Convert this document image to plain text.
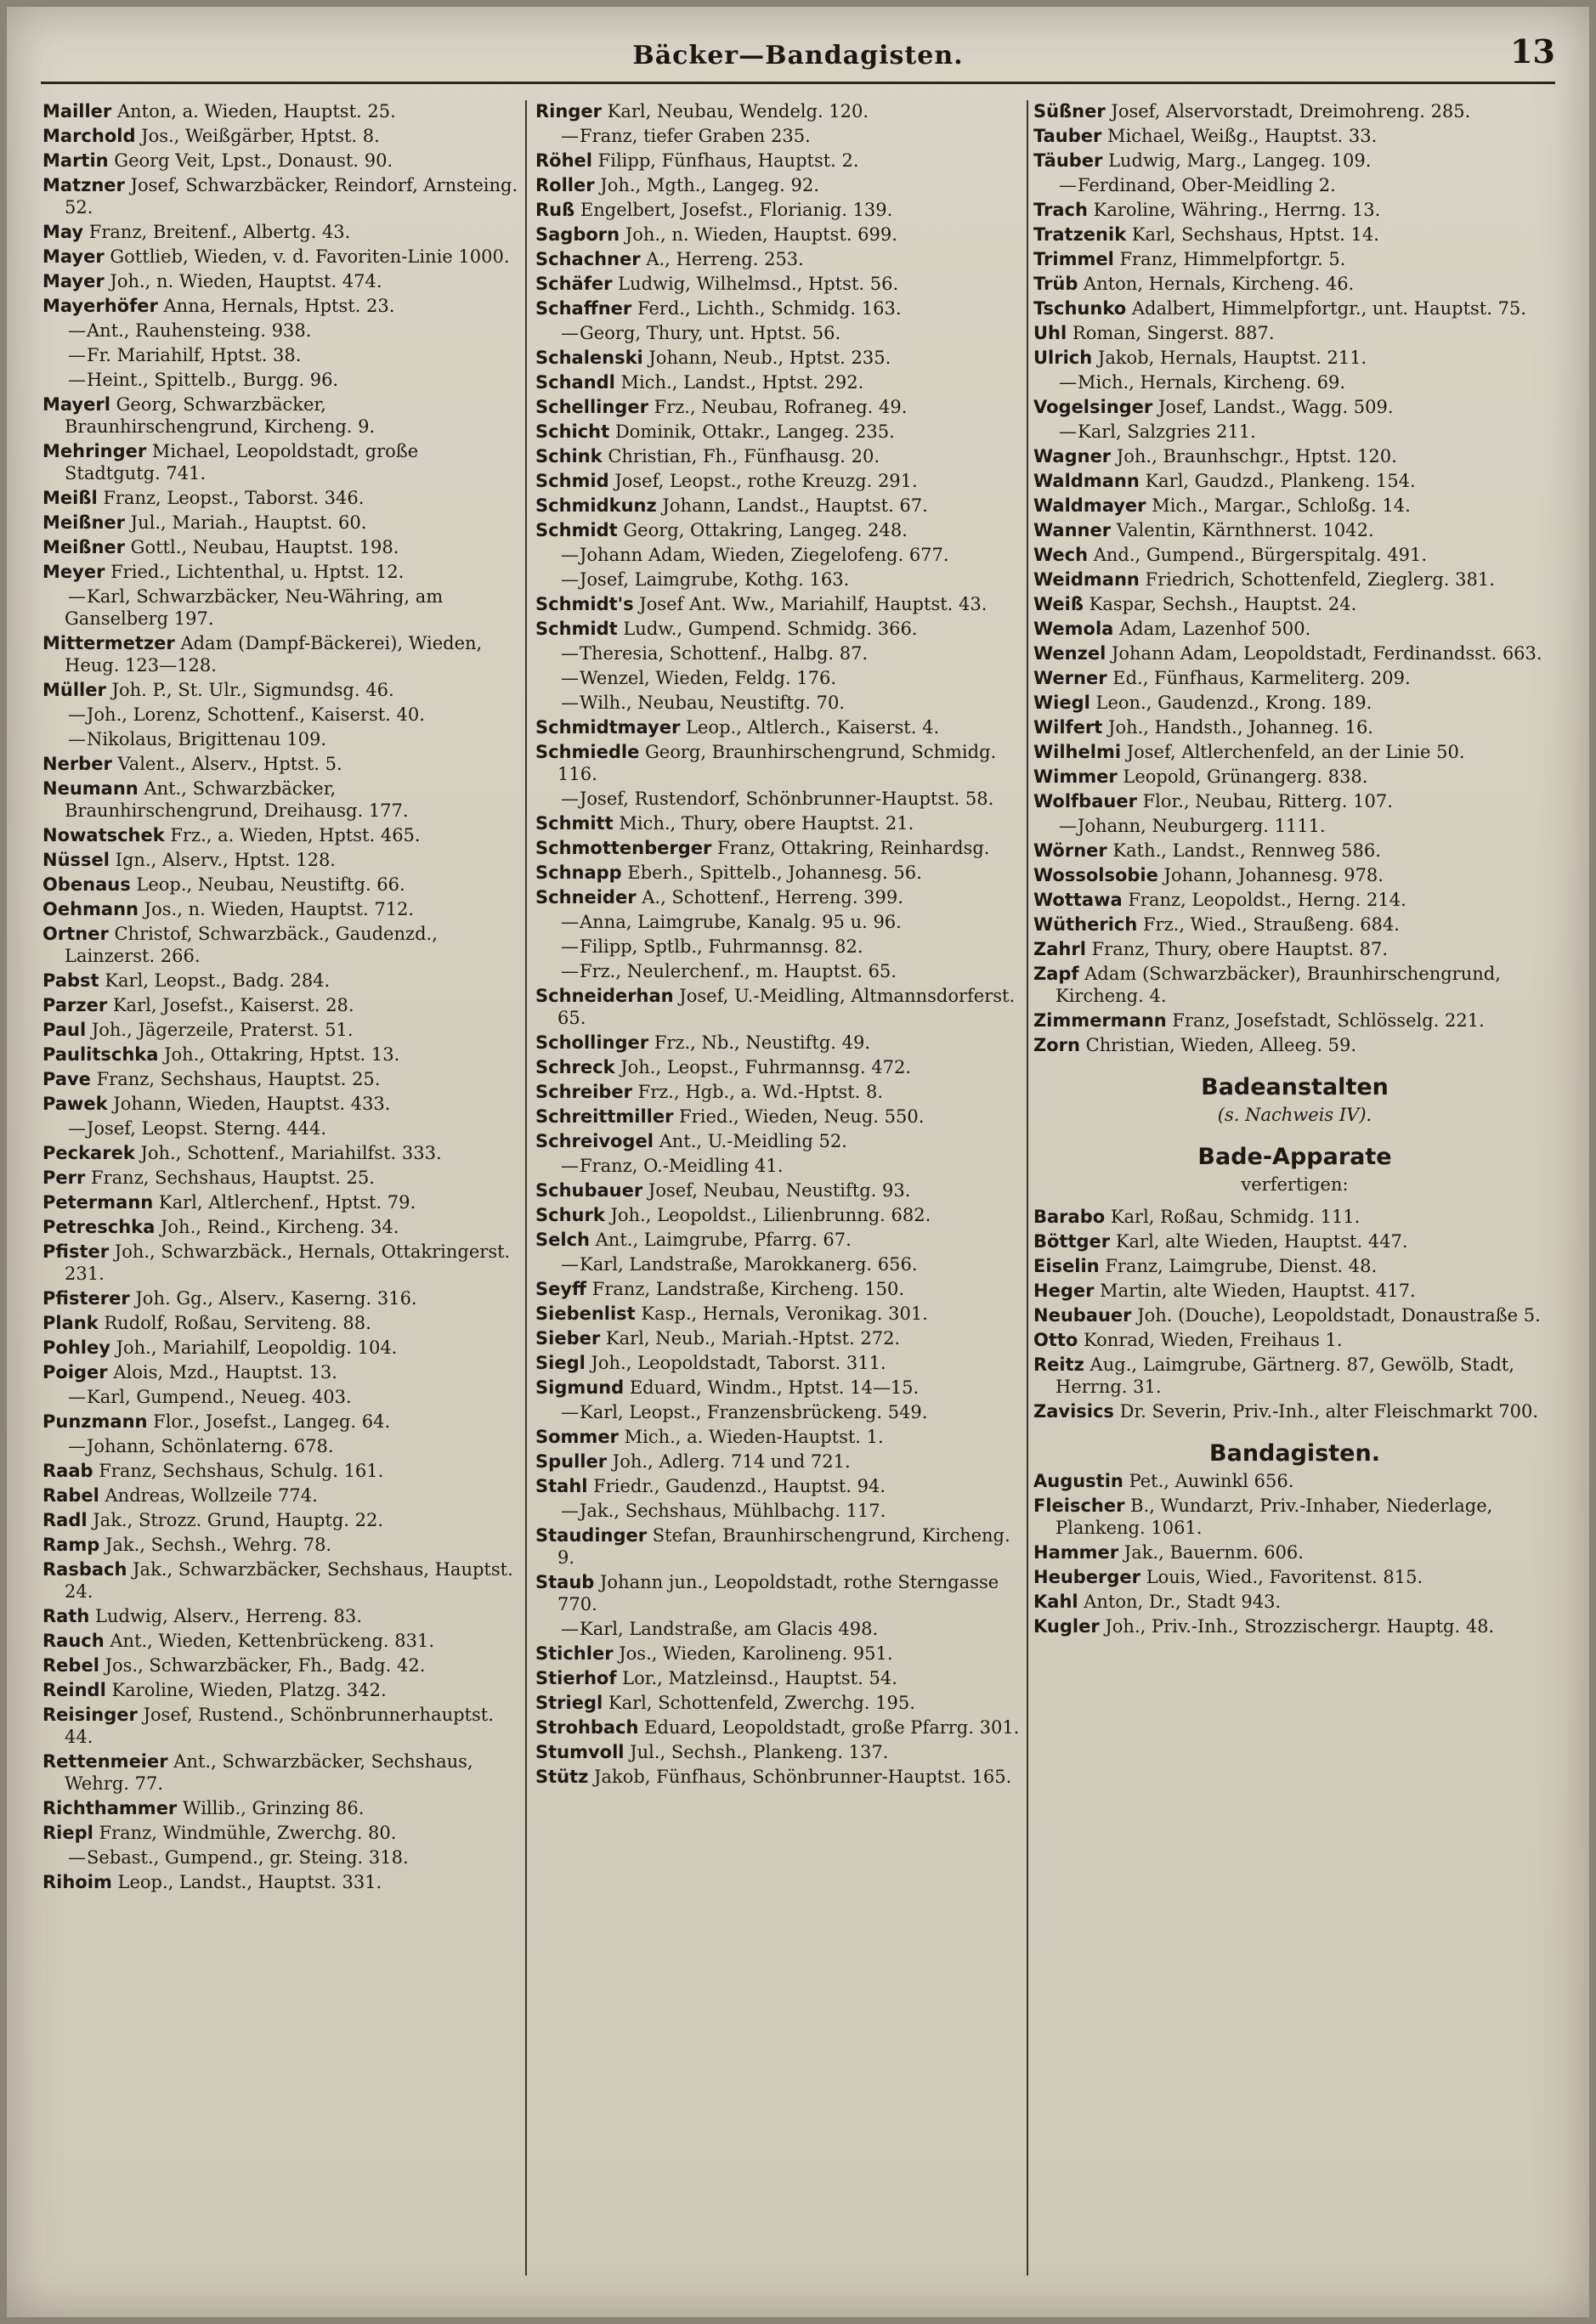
13
Bäcker—Bandagisten.
Mailler Anton, a. Wieden, Hauptst. 25.
Marchold Jos., Weißgärber, Hptst. 8.
Martin Georg Veit, Lpst., Donaust. 90.
Matzner Josef, Schwarzbäcker, Reindorf, Arnsteing. 52.
May Franz, Breitenf., Albertg. 43.
Mayer Gottlieb, Wieden, v. d. Favoriten-Linie 1000.
Mayer Joh., n. Wieden, Hauptst. 474.
Mayerhöfer Anna, Hernals, Hptst. 23.
—Ant., Rauhensteing. 938.
—Fr. Mariahilf, Hptst. 38.
—Heint., Spittelb., Burgg. 96.
Mayerl Georg, Schwarzbäcker, Braunhirschengrund, Kircheng. 9.
Mehringer Michael, Leopoldstadt, große Stadtgutg. 741.
Meißl Franz, Leopst., Taborst. 346.
Meißner Jul., Mariah., Hauptst. 60.
Meißner Gottl., Neubau, Hauptst. 198.
Meyer Fried., Lichtenthal, u. Hptst. 12.
—Karl, Schwarzbäcker, Neu-Währing, am Ganselberg 197.
Mittermetzer Adam (Dampf-Bäckerei), Wieden, Heug. 123—128.
Müller Joh. P., St. Ulr., Sigmundsg. 46.
—Joh., Lorenz, Schottenf., Kaiserst. 40.
—Nikolaus, Brigittenau 109.
Nerber Valent., Alserv., Hptst. 5.
Neumann Ant., Schwarzbäcker, Braunhirschengrund, Dreihausg. 177.
Nowatschek Frz., a. Wieden, Hptst. 465.
Nüssel Ign., Alserv., Hptst. 128.
Obenaus Leop., Neubau, Neustiftg. 66.
Oehmann Jos., n. Wieden, Hauptst. 712.
Ortner Christof, Schwarzbäck., Gaudenzd., Lainzerst. 266.
Pabst Karl, Leopst., Badg. 284.
Parzer Karl, Josefst., Kaiserst. 28.
Paul Joh., Jägerzeile, Praterst. 51.
Paulitschka Joh., Ottakring, Hptst. 13.
Pave Franz, Sechshaus, Hauptst. 25.
Pawek Johann, Wieden, Hauptst. 433.
—Josef, Leopst. Sterng. 444.
Peckarek Joh., Schottenf., Mariahilfst. 333.
Perr Franz, Sechshaus, Hauptst. 25.
Petermann Karl, Altlerchenf., Hptst. 79.
Petreschka Joh., Reind., Kircheng. 34.
Pfister Joh., Schwarzbäck., Hernals, Ottakringerst. 231.
Pfisterer Joh. Gg., Alserv., Kaserng. 316.
Plank Rudolf, Roßau, Serviteng. 88.
Pohley Joh., Mariahilf, Leopoldig. 104.
Poiger Alois, Mzd., Hauptst. 13.
—Karl, Gumpend., Neueg. 403.
Punzmann Flor., Josefst., Langeg. 64.
—Johann, Schönlaterng. 678.
Raab Franz, Sechshaus, Schulg. 161.
Rabel Andreas, Wollzeile 774.
Radl Jak., Strozz. Grund, Hauptg. 22.
Ramp Jak., Sechsh., Wehrg. 78.
Rasbach Jak., Schwarzbäcker, Sechshaus, Hauptst. 24.
Rath Ludwig, Alserv., Herreng. 83.
Rauch Ant., Wieden, Kettenbrückeng. 831.
Rebel Jos., Schwarzbäcker, Fh., Badg. 42.
Reindl Karoline, Wieden, Platzg. 342.
Reisinger Josef, Rustend., Schönbrunnerhauptst. 44.
Rettenmeier Ant., Schwarzbäcker, Sechshaus, Wehrg. 77.
Richthammer Willib., Grinzing 86.
Riepl Franz, Windmühle, Zwerchg. 80.
—Sebast., Gumpend., gr. Steing. 318.
Rihoim Leop., Landst., Hauptst. 331.
Ringer Karl, Neubau, Wendelg. 120.
—Franz, tiefer Graben 235.
Röhel Filipp, Fünfhaus, Hauptst. 2.
Roller Joh., Mgth., Langeg. 92.
Ruß Engelbert, Josefst., Florianig. 139.
Sagborn Joh., n. Wieden, Hauptst. 699.
Schachner A., Herreng. 253.
Schäfer Ludwig, Wilhelmsd., Hptst. 56.
Schaffner Ferd., Lichth., Schmidg. 163.
—Georg, Thury, unt. Hptst. 56.
Schalenski Johann, Neub., Hptst. 235.
Schandl Mich., Landst., Hptst. 292.
Schellinger Frz., Neubau, Rofraneg. 49.
Schicht Dominik, Ottakr., Langeg. 235.
Schink Christian, Fh., Fünfhausg. 20.
Schmid Josef, Leopst., rothe Kreuzg. 291.
Schmidkunz Johann, Landst., Hauptst. 67.
Schmidt Georg, Ottakring, Langeg. 248.
—Johann Adam, Wieden, Ziegelofeng. 677.
—Josef, Laimgrube, Kothg. 163.
Schmidt's Josef Ant. Ww., Mariahilf, Hauptst. 43.
Schmidt Ludw., Gumpend. Schmidg. 366.
—Theresia, Schottenf., Halbg. 87.
—Wenzel, Wieden, Feldg. 176.
—Wilh., Neubau, Neustiftg. 70.
Schmidtmayer Leop., Altlerch., Kaiserst. 4.
Schmiedle Georg, Braunhirschengrund, Schmidg. 116.
—Josef, Rustendorf, Schönbrunner-Hauptst. 58.
Schmitt Mich., Thury, obere Hauptst. 21.
Schmottenberger Franz, Ottakring, Reinhardsg.
Schnapp Eberh., Spittelb., Johannesg. 56.
Schneider A., Schottenf., Herreng. 399.
—Anna, Laimgrube, Kanalg. 95 u. 96.
—Filipp, Sptlb., Fuhrmannsg. 82.
—Frz., Neulerchenf., m. Hauptst. 65.
Schneiderhan Josef, U.-Meidling, Altmannsdorferst. 65.
Schollinger Frz., Nb., Neustiftg. 49.
Schreck Joh., Leopst., Fuhrmannsg. 472.
Schreiber Frz., Hgb., a. Wd.-Hptst. 8.
Schreittmiller Fried., Wieden, Neug. 550.
Schreivogel Ant., U.-Meidling 52.
—Franz, O.-Meidling 41.
Schubauer Josef, Neubau, Neustiftg. 93.
Schurk Joh., Leopoldst., Lilienbrunng. 682.
Selch Ant., Laimgrube, Pfarrg. 67.
—Karl, Landstraße, Marokkanerg. 656.
Seyff Franz, Landstraße, Kircheng. 150.
Siebenlist Kasp., Hernals, Veronikag. 301.
Sieber Karl, Neub., Mariah.-Hptst. 272.
Siegl Joh., Leopoldstadt, Taborst. 311.
Sigmund Eduard, Windm., Hptst. 14—15.
—Karl, Leopst., Franzensbrückeng. 549.
Sommer Mich., a. Wieden-Hauptst. 1.
Spuller Joh., Adlerg. 714 und 721.
Stahl Friedr., Gaudenzd., Hauptst. 94.
—Jak., Sechshaus, Mühlbachg. 117.
Staudinger Stefan, Braunhirschengrund, Kircheng. 9.
Staub Johann jun., Leopoldstadt, rothe Sterngasse 770.
—Karl, Landstraße, am Glacis 498.
Stichler Jos., Wieden, Karolineng. 951.
Stierhof Lor., Matzleinsd., Hauptst. 54.
Striegl Karl, Schottenfeld, Zwerchg. 195.
Strohbach Eduard, Leopoldstadt, große Pfarrg. 301.
Stumvoll Jul., Sechsh., Plankeng. 137.
Stütz Jakob, Fünfhaus, Schönbrunner-Hauptst. 165.
Süßner Josef, Alservorstadt, Dreimohreng. 285.
Tauber Michael, Weißg., Hauptst. 33.
Täuber Ludwig, Marg., Langeg. 109.
—Ferdinand, Ober-Meidling 2.
Trach Karoline, Währing., Herrng. 13.
Tratzenik Karl, Sechshaus, Hptst. 14.
Trimmel Franz, Himmelpfortgr. 5.
Trüb Anton, Hernals, Kircheng. 46.
Tschunko Adalbert, Himmelpfortgr., unt. Hauptst. 75.
Uhl Roman, Singerst. 887.
Ulrich Jakob, Hernals, Hauptst. 211.
—Mich., Hernals, Kircheng. 69.
Vogelsinger Josef, Landst., Wagg. 509.
—Karl, Salzgries 211.
Wagner Joh., Braunhschgr., Hptst. 120.
Waldmann Karl, Gaudzd., Plankeng. 154.
Waldmayer Mich., Margar., Schloßg. 14.
Wanner Valentin, Kärnthnerst. 1042.
Wech And., Gumpend., Bürgerspitalg. 491.
Weidmann Friedrich, Schottenfeld, Zieglerg. 381.
Weiß Kaspar, Sechsh., Hauptst. 24.
Wemola Adam, Lazenhof 500.
Wenzel Johann Adam, Leopoldstadt, Ferdinandsst. 663.
Werner Ed., Fünfhaus, Karmeliterg. 209.
Wiegl Leon., Gaudenzd., Krong. 189.
Wilfert Joh., Handsth., Johanneg. 16.
Wilhelmi Josef, Altlerchenfeld, an der Linie 50.
Wimmer Leopold, Grünangerg. 838.
Wolfbauer Flor., Neubau, Ritterg. 107.
—Johann, Neuburgerg. 1111.
Wörner Kath., Landst., Rennweg 586.
Wossolsobie Johann, Johannesg. 978.
Wottawa Franz, Leopoldst., Herng. 214.
Wütherich Frz., Wied., Straußeng. 684.
Zahrl Franz, Thury, obere Hauptst. 87.
Zapf Adam (Schwarzbäcker), Braunhirschengrund, Kircheng. 4.
Zimmermann Franz, Josefstadt, Schlösselg. 221.
Zorn Christian, Wieden, Alleeg. 59.
Badeanstalten
(s. Nachweis IV).
Bade-Apparate
verfertigen:
Barabo Karl, Roßau, Schmidg. 111.
Böttger Karl, alte Wieden, Hauptst. 447.
Eiselin Franz, Laimgrube, Dienst. 48.
Heger Martin, alte Wieden, Hauptst. 417.
Neubauer Joh. (Douche), Leopoldstadt, Donaustraße 5.
Otto Konrad, Wieden, Freihaus 1.
Reitz Aug., Laimgrube, Gärtnerg. 87, Gewölb, Stadt, Herrng. 31.
Zavisics Dr. Severin, Priv.-Inh., alter Fleischmarkt 700.
Bandagisten.
Augustin Pet., Auwinkl 656.
Fleischer B., Wundarzt, Priv.-Inhaber, Niederlage, Plankeng. 1061.
Hammer Jak., Bauernm. 606.
Heuberger Louis, Wied., Favoritenst. 815.
Kahl Anton, Dr., Stadt 943.
Kugler Joh., Priv.-Inh., Strozzischergr. Hauptg. 48.
